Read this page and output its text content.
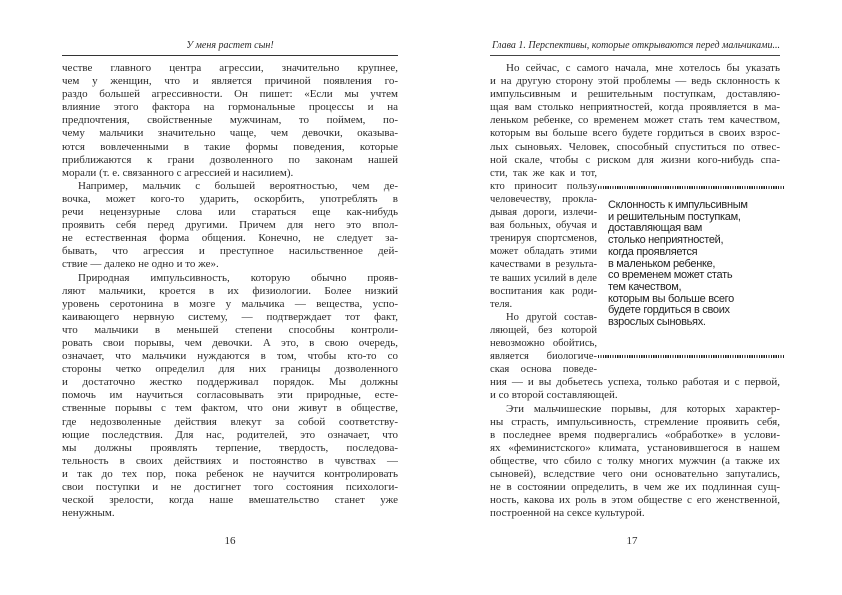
У меня растет сын!
честве главного центра агрессии, значительно крупнее,
чем у женщин, что и является причиной появления го-
раздо большей агрессивности. Он пишет: «Если мы учтем
влияние этого фактора на гормональные процессы и на
предпочтения, свойственные мужчинам, то поймем, по-
чему мальчики значительно чаще, чем девочки, оказыва-
ются вовлеченными в такие формы поведения, которые
приближаются к грани дозволенного по законам нашей
морали (т. е. связанного с агрессией и насилием).
Например, мальчик с большей вероятностью, чем де-
вочка, может кого-то ударить, оскорбить, употреблять в
речи нецензурные слова или стараться еще как-нибудь
проявить себя перед другими. Причем для него это впол-
не естественная форма общения. Конечно, не следует за-
бывать, что агрессия и преступное насильственное дей-
ствие — далеко не одно и то же».
Природная импульсивность, которую обычно прояв-
ляют мальчики, кроется в их физиологии. Более низкий
уровень серотонина в мозге у мальчика — вещества, успо-
каивающего нервную систему, — подтверждает тот факт,
что мальчики в меньшей степени способны контроли-
ровать свои порывы, чем девочки. А это, в свою очередь,
означает, что мальчики нуждаются в том, чтобы кто-то со
стороны четко определил для них границы дозволенного
и достаточно жестко поддерживал порядок. Мы должны
помочь им научиться согласовывать эти природные, есте-
ственные порывы с тем фактом, что они живут в обществе,
где недозволенные действия влекут за собой соответству-
ющие последствия. Для нас, родителей, это означает, что
мы должны проявлять терпение, твердость, последова-
тельность в своих действиях и постоянство в чувствах —
и так до тех пор, пока ребенок не научится контролировать
свои поступки и не достигнет того состояния психологи-
ческой зрелости, когда наше вмешательство станет уже
ненужным.
16
Глава 1. Перспективы, которые открываются перед мальчиками...
Но сейчас, с самого начала, мне хотелось бы указать
и на другую сторону этой проблемы — ведь склонность к
импульсивным и решительным поступкам, доставляю-
щая вам столько неприятностей, когда проявляется в ма-
леньком ребенке, со временем может стать тем качеством,
которым вы больше всего будете гордиться в своих взрос-
лых сыновьях. Человек, способный спуститься по отвес-
ной скале, чтобы с риском для жизни кого-нибудь спа-
сти, так же как и тот,
кто приносит пользу
человечеству, прокла-
дывая дороги, излечи-
вая больных, обучая и
тренируя спортсменов,
может обладать этими
качествами в результа-
те ваших усилий в деле
воспитания как роди-
теля.
Но другой состав-
ляющей, без которой
невозможно обойтись,
является биологиче-
ская основа поведе-
ния — и вы добьетесь успеха, только работая и с первой,
и со второй составляющей.
Эти мальчишеские порывы, для которых характер-
ны страсть, импульсивность, стремление проявить себя,
в последнее время подвергались «обработке» в услови-
ях «феминистского» климата, установившегося в нашем
обществе, что сбило с толку многих мужчин (а также их
сыновей), вследствие чего они основательно запутались,
не в состоянии определить, в чем же их подлинная сущ-
ность, какова их роль в этом обществе с его женственной,
построенной на сексе культурой.
Склонность к импульсивным
и решительным поступкам,
доставляющая вам
столько неприятностей,
когда проявляется
в маленьком ребенке,
со временем может стать
тем качеством,
которым вы больше всего
будете гордиться в своих
взрослых сыновьях.
17
